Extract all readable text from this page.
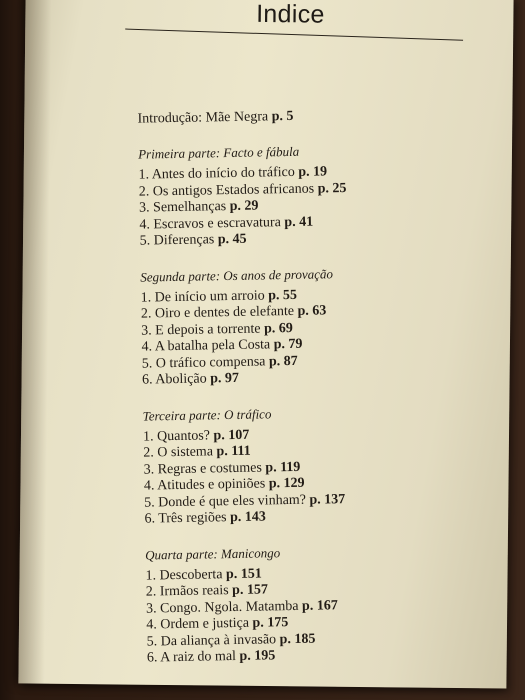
Indice
Introdução: Mãe Negra p. 5
Primeira parte: Facto e fábula
1. Antes do início do tráfico p. 19
2. Os antigos Estados africanos p. 25
3. Semelhanças p. 29
4. Escravos e escravatura p. 41
5. Diferenças p. 45
Segunda parte: Os anos de provação
1. De início um arroio p. 55
2. Oiro e dentes de elefante p. 63
3. E depois a torrente p. 69
4. A batalha pela Costa p. 79
5. O tráfico compensa p. 87
6. Abolição p. 97
Terceira parte: O tráfico
1. Quantos? p. 107
2. O sistema p. 111
3. Regras e costumes p. 119
4. Atitudes e opiniões p. 129
5. Donde é que eles vinham? p. 137
6. Três regiões p. 143
Quarta parte: Manicongo
1. Descoberta p. 151
2. Irmãos reais p. 157
3. Congo. Ngola. Matamba p. 167
4. Ordem e justiça p. 175
5. Da aliança à invasão p. 185
6. A raiz do mal p. 195
